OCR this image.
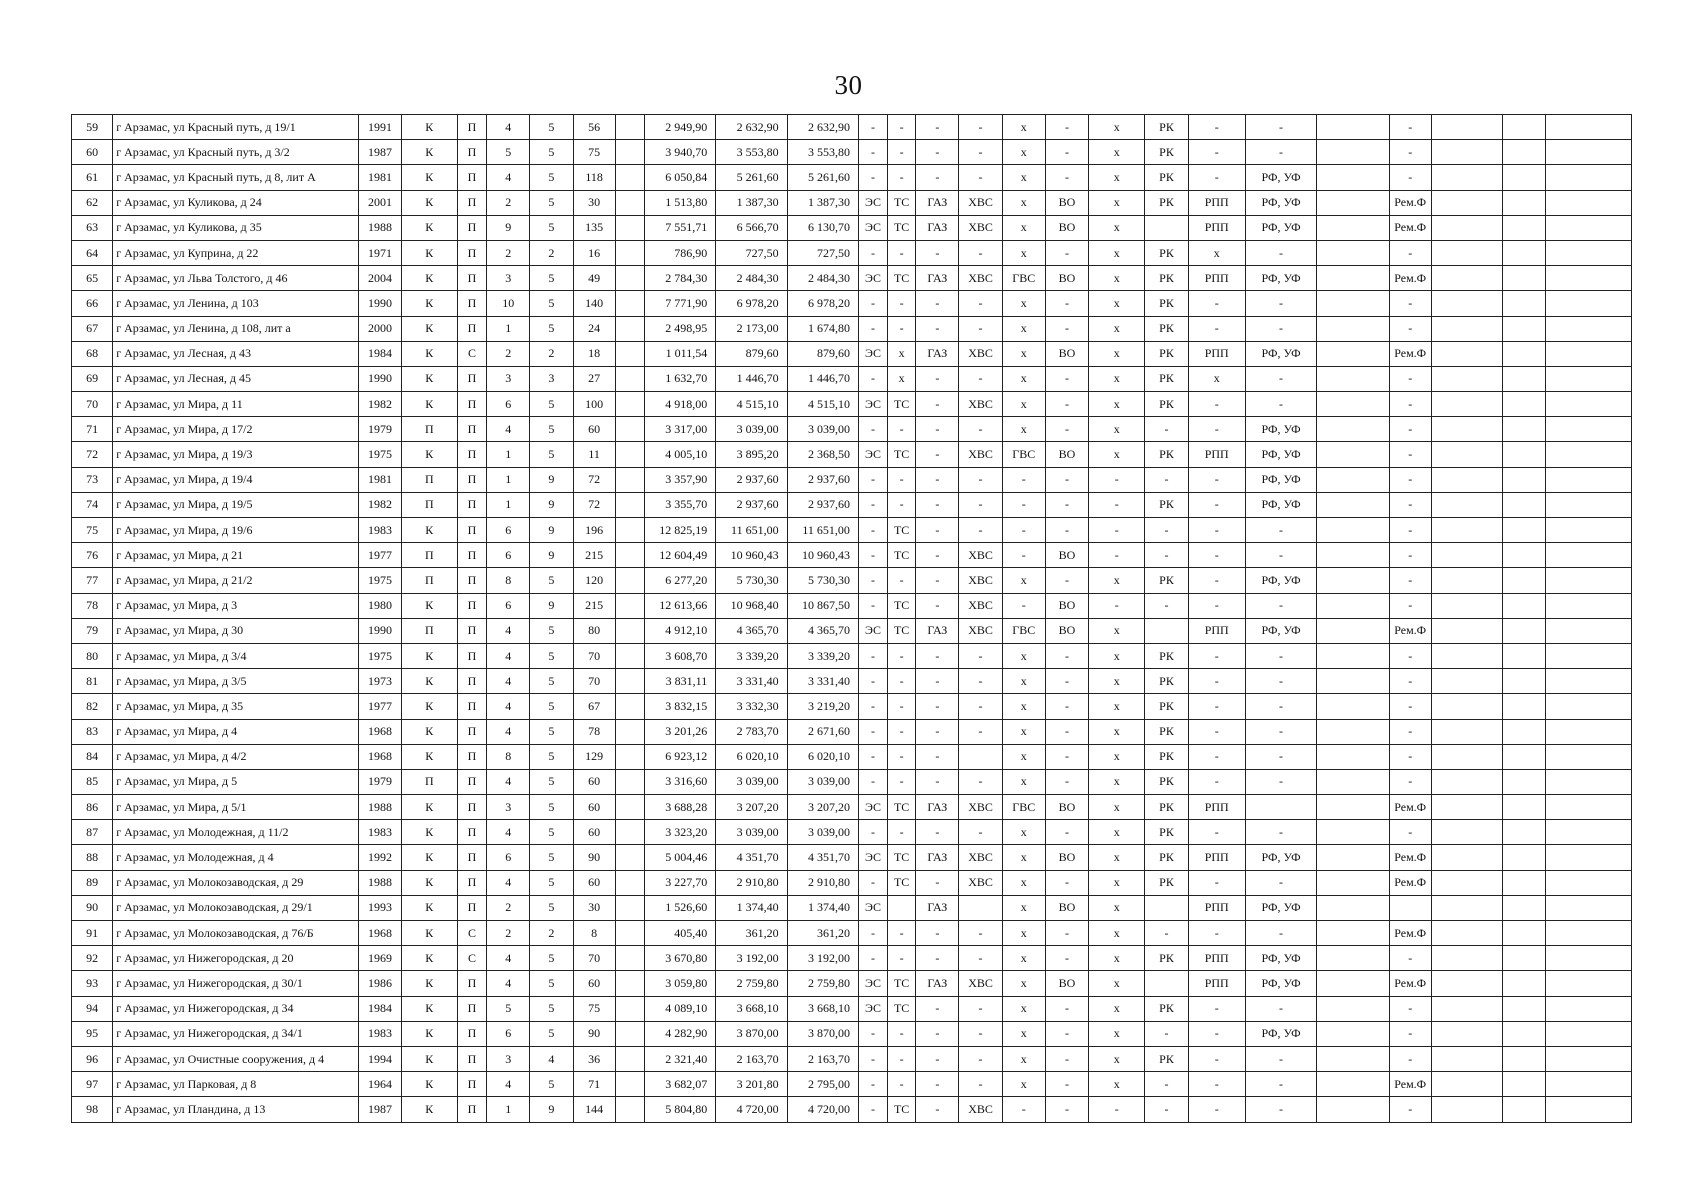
30
59	г Арзамас, ул Красный путь, д 19/1	1991	К	П	4	5	56		2 949,90	2 632,90	2 632,90	-	-	-	-	х	-	х	РК	-	-		-			
60	г Арзамас, ул Красный путь, д 3/2	1987	К	П	5	5	75		3 940,70	3 553,80	3 553,80	-	-	-	-	х	-	х	РК	-	-		-			
61	г Арзамас, ул Красный путь, д 8, лит А	1981	К	П	4	5	118		6 050,84	5 261,60	5 261,60	-	-	-	-	х	-	х	РК	-	РФ, УФ		-			
62	г Арзамас, ул Куликова, д 24	2001	К	П	2	5	30		1 513,80	1 387,30	1 387,30	ЭС	ТС	ГАЗ	ХВС	х	ВО	х	РК	РПП	РФ, УФ		Рем.Ф			
63	г Арзамас, ул Куликова, д 35	1988	К	П	9	5	135		7 551,71	6 566,70	6 130,70	ЭС	ТС	ГАЗ	ХВС	х	ВО	х		РПП	РФ, УФ		Рем.Ф			
64	г Арзамас, ул Куприна, д 22	1971	К	П	2	2	16		786,90	727,50	727,50	-	-	-	-	х	-	х	РК	х	-		-			
65	г Арзамас, ул Льва Толстого, д 46	2004	К	П	3	5	49		2 784,30	2 484,30	2 484,30	ЭС	ТС	ГАЗ	ХВС	ГВС	ВО	х	РК	РПП	РФ, УФ		Рем.Ф			
66	г Арзамас, ул Ленина, д 103	1990	К	П	10	5	140		7 771,90	6 978,20	6 978,20	-	-	-	-	х	-	х	РК	-	-		-			
67	г Арзамас, ул Ленина, д 108, лит а	2000	К	П	1	5	24		2 498,95	2 173,00	1 674,80	-	-	-	-	х	-	х	РК	-	-		-			
68	г Арзамас, ул Лесная, д 43	1984	К	С	2	2	18		1 011,54	879,60	879,60	ЭС	х	ГАЗ	ХВС	х	ВО	х	РК	РПП	РФ, УФ		Рем.Ф			
69	г Арзамас, ул Лесная, д 45	1990	К	П	3	3	27		1 632,70	1 446,70	1 446,70	-	х	-	-	х	-	х	РК	х	-		-			
70	г Арзамас, ул Мира, д 11	1982	К	П	6	5	100		4 918,00	4 515,10	4 515,10	ЭС	ТС	-	ХВС	х	-	х	РК	-	-		-			
71	г Арзамас, ул Мира, д 17/2	1979	П	П	4	5	60		3 317,00	3 039,00	3 039,00	-	-	-	-	х	-	х	-	-	РФ, УФ		-			
72	г Арзамас, ул Мира, д 19/3	1975	К	П	1	5	11		4 005,10	3 895,20	2 368,50	ЭС	ТС	-	ХВС	ГВС	ВО	х	РК	РПП	РФ, УФ		-			
73	г Арзамас, ул Мира, д 19/4	1981	П	П	1	9	72		3 357,90	2 937,60	2 937,60	-	-	-	-	-	-	-	-	-	РФ, УФ		-			
74	г Арзамас, ул Мира, д 19/5	1982	П	П	1	9	72		3 355,70	2 937,60	2 937,60	-	-	-	-	-	-	-	РК	-	РФ, УФ		-			
75	г Арзамас, ул Мира, д 19/6	1983	К	П	6	9	196		12 825,19	11 651,00	11 651,00	-	ТС	-	-	-	-	-	-	-	-		-			
76	г Арзамас, ул Мира, д 21	1977	П	П	6	9	215		12 604,49	10 960,43	10 960,43	-	ТС	-	ХВС	-	ВО	-	-	-	-		-			
77	г Арзамас, ул Мира, д 21/2	1975	П	П	8	5	120		6 277,20	5 730,30	5 730,30	-	-	-	ХВС	х	-	х	РК	-	РФ, УФ		-			
78	г Арзамас, ул Мира, д 3	1980	К	П	6	9	215		12 613,66	10 968,40	10 867,50	-	ТС	-	ХВС	-	ВО	-	-	-	-		-			
79	г Арзамас, ул Мира, д 30	1990	П	П	4	5	80		4 912,10	4 365,70	4 365,70	ЭС	ТС	ГАЗ	ХВС	ГВС	ВО	х		РПП	РФ, УФ		Рем.Ф			
80	г Арзамас, ул Мира, д 3/4	1975	К	П	4	5	70		3 608,70	3 339,20	3 339,20	-	-	-	-	х	-	х	РК	-	-		-			
81	г Арзамас, ул Мира, д 3/5	1973	К	П	4	5	70		3 831,11	3 331,40	3 331,40	-	-	-	-	х	-	х	РК	-	-		-			
82	г Арзамас, ул Мира, д 35	1977	К	П	4	5	67		3 832,15	3 332,30	3 219,20	-	-	-	-	х	-	х	РК	-	-		-			
83	г Арзамас, ул Мира, д 4	1968	К	П	4	5	78		3 201,26	2 783,70	2 671,60	-	-	-	-	х	-	х	РК	-	-		-			
84	г Арзамас, ул Мира, д 4/2	1968	К	П	8	5	129		6 923,12	6 020,10	6 020,10	-	-	-		х	-	х	РК	-	-		-			
85	г Арзамас, ул Мира, д 5	1979	П	П	4	5	60		3 316,60	3 039,00	3 039,00	-	-	-	-	х	-	х	РК	-	-		-			
86	г Арзамас, ул Мира, д 5/1	1988	К	П	3	5	60		3 688,28	3 207,20	3 207,20	ЭС	ТС	ГАЗ	ХВС	ГВС	ВО	х	РК	РПП			Рем.Ф			
87	г Арзамас, ул Молодежная, д 11/2	1983	К	П	4	5	60		3 323,20	3 039,00	3 039,00	-	-	-	-	х	-	х	РК	-	-		-			
88	г Арзамас, ул Молодежная, д 4	1992	К	П	6	5	90		5 004,46	4 351,70	4 351,70	ЭС	ТС	ГАЗ	ХВС	х	ВО	х	РК	РПП	РФ, УФ		Рем.Ф			
89	г Арзамас, ул Молокозаводская, д 29	1988	К	П	4	5	60		3 227,70	2 910,80	2 910,80	-	ТС	-	ХВС	х	-	х	РК	-	-		Рем.Ф			
90	г Арзамас, ул Молокозаводская, д 29/1	1993	К	П	2	5	30		1 526,60	1 374,40	1 374,40	ЭС		ГАЗ		х	ВО	х		РПП	РФ, УФ					
91	г Арзамас, ул Молокозаводская, д 76/Б	1968	К	С	2	2	8		405,40	361,20	361,20	-	-	-	-	х	-	х	-	-	-		Рем.Ф			
92	г Арзамас, ул Нижегородская, д 20	1969	К	С	4	5	70		3 670,80	3 192,00	3 192,00	-	-	-	-	х	-	х	РК	РПП	РФ, УФ		-			
93	г Арзамас, ул Нижегородская, д 30/1	1986	К	П	4	5	60		3 059,80	2 759,80	2 759,80	ЭС	ТС	ГАЗ	ХВС	х	ВО	х		РПП	РФ, УФ		Рем.Ф			
94	г Арзамас, ул Нижегородская, д 34	1984	К	П	5	5	75		4 089,10	3 668,10	3 668,10	ЭС	ТС	-	-	х	-	х	РК	-	-		-			
95	г Арзамас, ул Нижегородская, д 34/1	1983	К	П	6	5	90		4 282,90	3 870,00	3 870,00	-	-	-	-	х	-	х	-	-	РФ, УФ		-			
96	г Арзамас, ул Очистные сооружения, д 4	1994	К	П	3	4	36		2 321,40	2 163,70	2 163,70	-	-	-	-	х	-	х	РК	-	-		-			
97	г Арзамас, ул Парковая, д 8	1964	К	П	4	5	71		3 682,07	3 201,80	2 795,00	-	-	-	-	х	-	х	-	-	-		Рем.Ф			
98	г Арзамас, ул Пландина, д 13	1987	К	П	1	9	144		5 804,80	4 720,00	4 720,00	-	ТС	-	ХВС	-	-	-	-	-	-		-			
